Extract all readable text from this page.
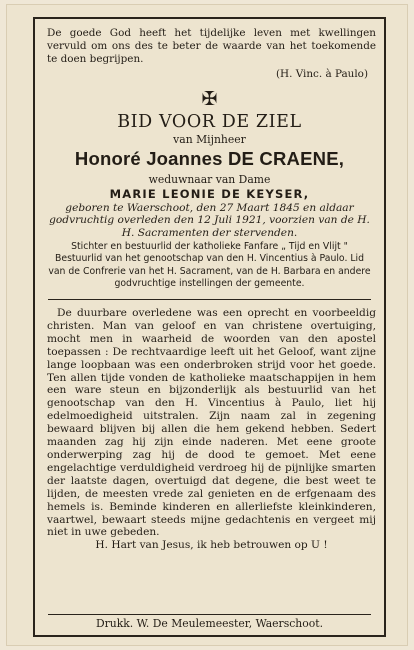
De goede God heeft het tijdelijke leven met kwellingen vervuld om ons des te beter de waarde van het toekomende te doen begrijpen.
(H. Vinc. à Paulo)
✠
BID VOOR DE ZIEL
van Mijnheer
Honoré Joannes DE CRAENE,
weduwnaar van Dame
MARIE LEONIE DE KEYSER,
geboren te Waerschoot, den 27 Maart 1845 en aldaar godvruchtig overleden den 12 Juli 1921, voorzien van de H. H. Sacramenten der stervenden.
Stichter en bestuurlid der katholieke Fanfare „ Tijd en Vlijt " Bestuurlid van het genootschap van den H. Vincentius à Paulo. Lid van de Confrerie van het H. Sacrament, van de H. Barbara en andere godvruchtige instellingen der gemeente.
De duurbare overledene was een oprecht en voorbeeldig christen. Man van geloof en van christene overtuiging, mocht men in waarheid de woorden van den apostel toepassen : De rechtvaardige leeft uit het Geloof, want zijne lange loopbaan was een onderbroken strijd voor het goede. Ten allen tijde vonden de katholieke maatschappijen in hem een ware steun en bijzonderlijk als bestuurlid van het genootschap van den H. Vincentius à Paulo, liet hij edelmoedigheid uitstralen. Zijn naam zal in zegening bewaard blijven bij allen die hem gekend hebben. Sedert maanden zag hij zijn einde naderen. Met eene groote onderwerping zag hij de dood te gemoet. Met eene engelachtige verduldigheid verdroeg hij de pijnlijke smarten der laatste dagen, overtuigd dat degene, die best weet te lijden, de meesten vrede zal genieten en de erfgenaam des hemels is. Beminde kinderen en allerliefste kleinkinderen, vaartwel, bewaart steeds mijne gedachtenis en vergeet mij niet in uwe gebeden.
H. Hart van Jesus, ik heb betrouwen op U !
Drukk. W. De Meulemeester, Waerschoot.
